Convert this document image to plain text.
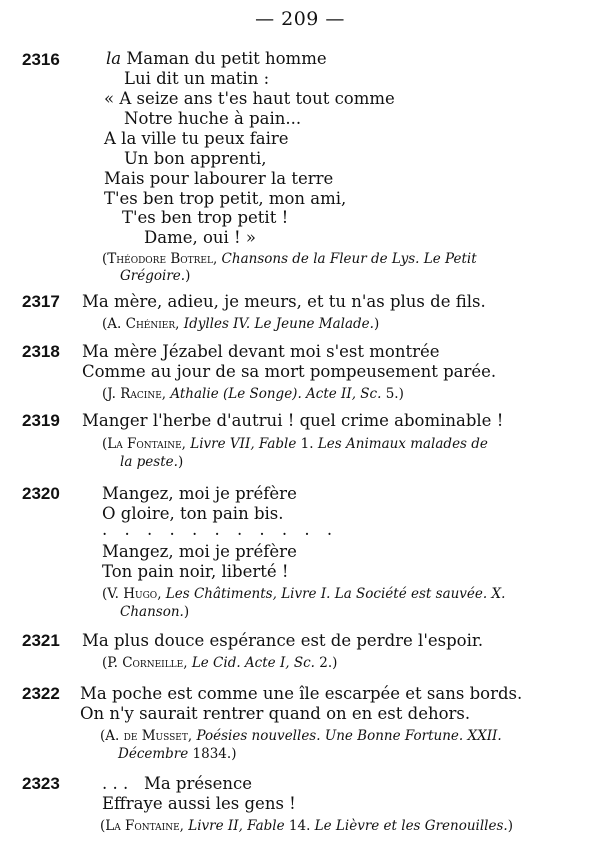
— 209 —
2316	la Maman du petit homme
Lui dit un matin :
« A seize ans t'es haut tout comme
Notre huche à pain...
A la ville tu peux faire
Un bon apprenti,
Mais pour labourer la terre
T'es ben trop petit, mon ami,
T'es ben trop petit !
Dame, oui ! »
(Théodore Botrel, Chansons de la Fleur de Lys. Le Petit
Grégoire.)
2317 Ma mère, adieu, je meurs, et tu n'as plus de fils.
(A. Chénier, Idylles IV. Le Jeune Malade.)
2318 Ma mère Jézabel devant moi s'est montrée
Comme au jour de sa mort pompeusement parée.
(J. Racine, Athalie (Le Songe). Acte II, Sc. 5.)
2319 Manger l'herbe d'autrui ! quel crime abominable !
(La Fontaine, Livre VII, Fable 1. Les Animaux malades de
la peste.)
2320	Mangez, moi je préfère
O gloire, ton pain bis.
. . . . . . . . . . .
Mangez, moi je préfère
Ton pain noir, liberté !
(V. Hugo, Les Châtiments, Livre I. La Société est sauvée. X.
Chanson.)
2321 Ma plus douce espérance est de perdre l'espoir.
(P. Corneille, Le Cid. Acte I, Sc. 2.)
2322 Ma poche est comme une île escarpée et sans bords.
On n'y saurait rentrer quand on en est dehors.
(A. de Musset, Poésies nouvelles. Une Bonne Fortune. XXII.
Décembre 1834.)
2323	. . .   Ma présence
Effraye aussi les gens !
(La Fontaine, Livre II, Fable 14. Le Lièvre et les Grenouilles.)
